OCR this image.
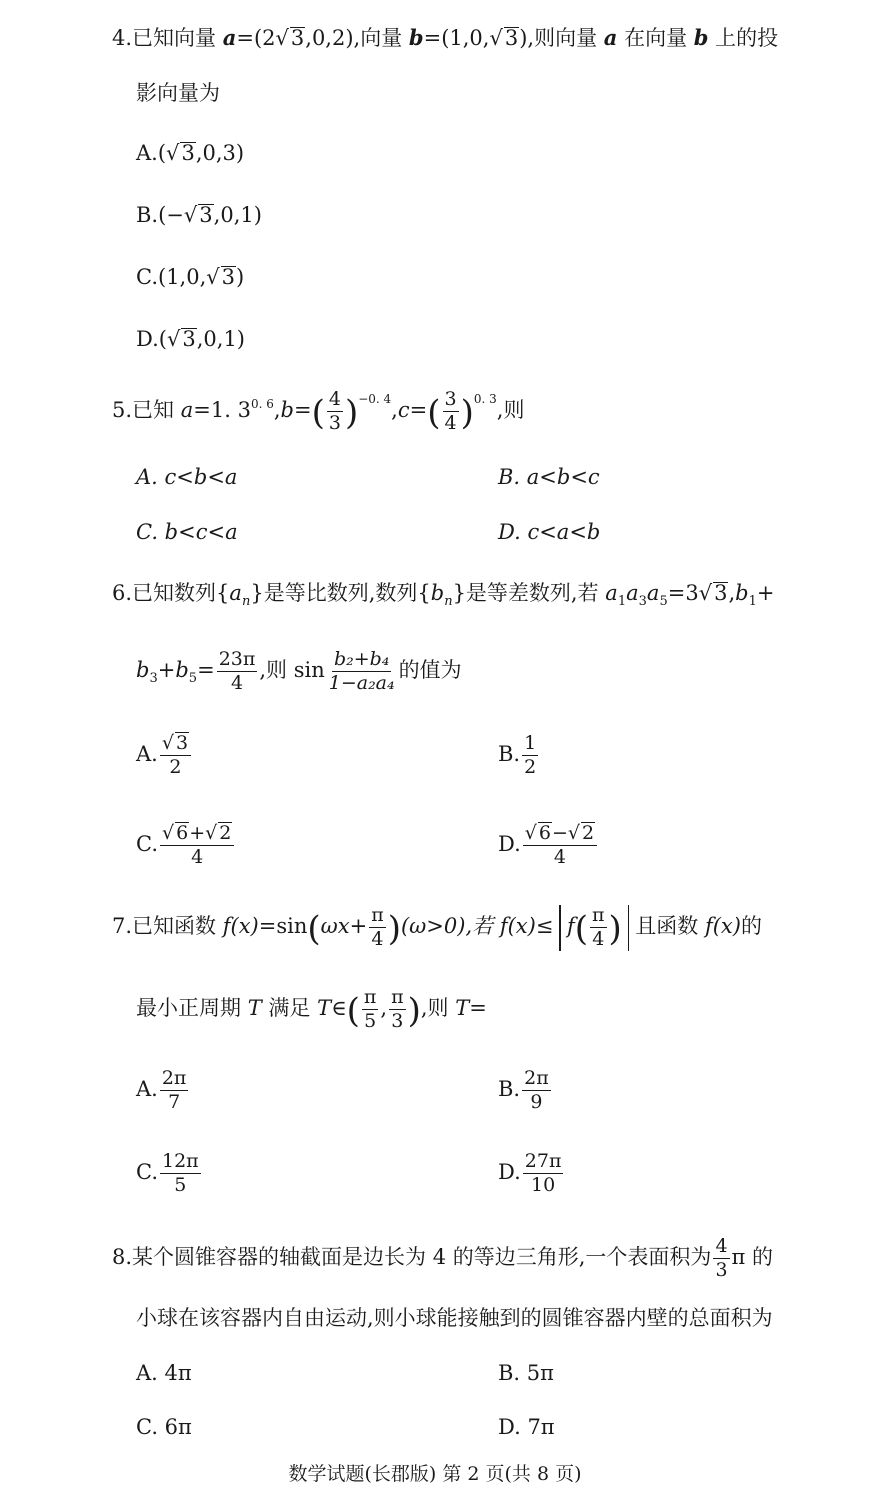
4.已知向量 a=(2√3,0,2),向量 b=(1,0,√3),则向量 a 在向量 b 上的投
影向量为
A.(√3,0,3)
B.(−√3,0,1)
C.(1,0,√3)
D.(√3,0,1)
5.已知 a=1. $3^{0. 6},b=( \frac{4}{3} )^{-0. 4},c=( \frac{3}{4} )^{0. 3}$,则
A. c<b<a	B. a<b<c
C. b<c<a	D. c<a<b
6.已知数列$\{a_n\}$是等比数列,数列$\{b_n\}$是等差数列,若 $a_1a_3a_5=3√3,b_1+$
$b_3+b_5= \frac{23\pi}{4}$ ,则 $\sin \frac{\text{b₂+b₄}}{\text{1−a₂a₄}}$ 的值为
A. $\frac{√ 3}{2}$	B. $\frac{1}{2}$
C. $\frac{√ 6+√ 2}{4}$	D. $\frac{√ 6-√ 2}{4}$
7.已知函数 $f(x)=\sin(\omega x+ \frac{\pi}{4} )(\omega>0)$,若 $f(x)\le f( \frac{\pi}{4}$ ) 且函数 f(x)的
最小正周期 T 满足 T∈( $\frac{\pi}{5}$ , $\frac{\pi}{3}$ ),则 T=
A. $\frac{2\pi}{7}$	B. $\frac{2\pi}{9}$
C. $\frac{12\pi}{5}$	D. $\frac{27\pi}{10}$
8.某个圆锥容器的轴截面是边长为 4 的等边三角形,一个表面积为 $\frac{4}{3}$ π 的
小球在该容器内自由运动,则小球能接触到的圆锥容器内壁的总面积为
A. 4π	B. 5π
C. 6π	D. 7π
数学试题(长郡版) 第 2 页(共 8 页)
